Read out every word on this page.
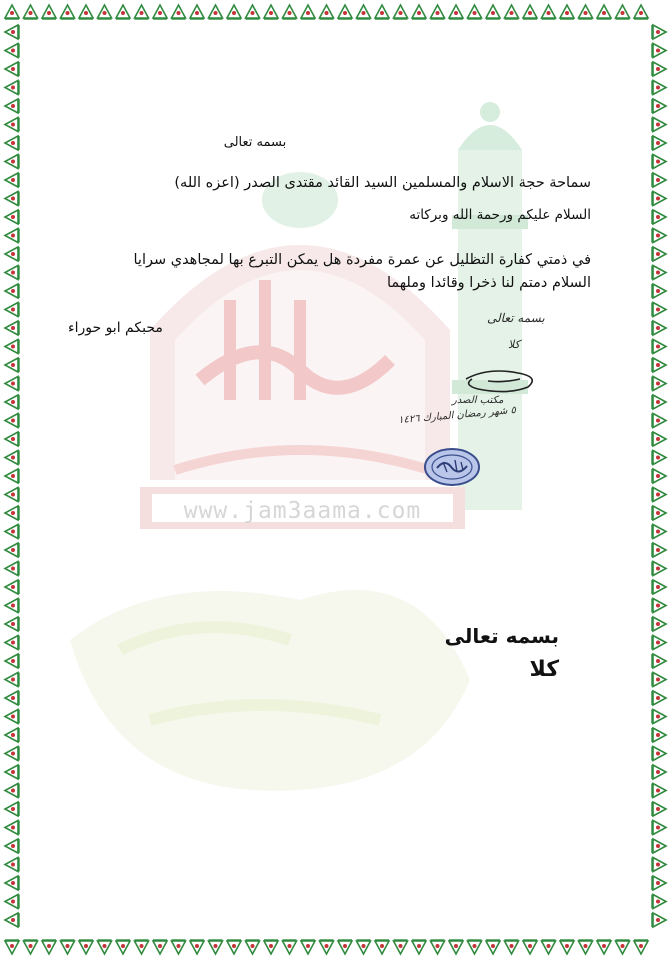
www.jam3aama.com
بسمه تعالى
سماحة حجة الاسلام والمسلمين السيد القائد مقتدى الصدر (اعزه الله)
السلام عليكم ورحمة الله وبركاته
في ذمتي كفارة التظليل عن عمرة مفردة هل يمكن التبرع بها لمجاهدي سرايا
السلام دمتم لنا ذخرا وقائدا وملهما
محبكم ابو حوراء
بسمه تعالى
كلا
مكتب الصدر
٥ شهر رمضان المبارك ١٤٢٦
بسمه تعالى
كلا
